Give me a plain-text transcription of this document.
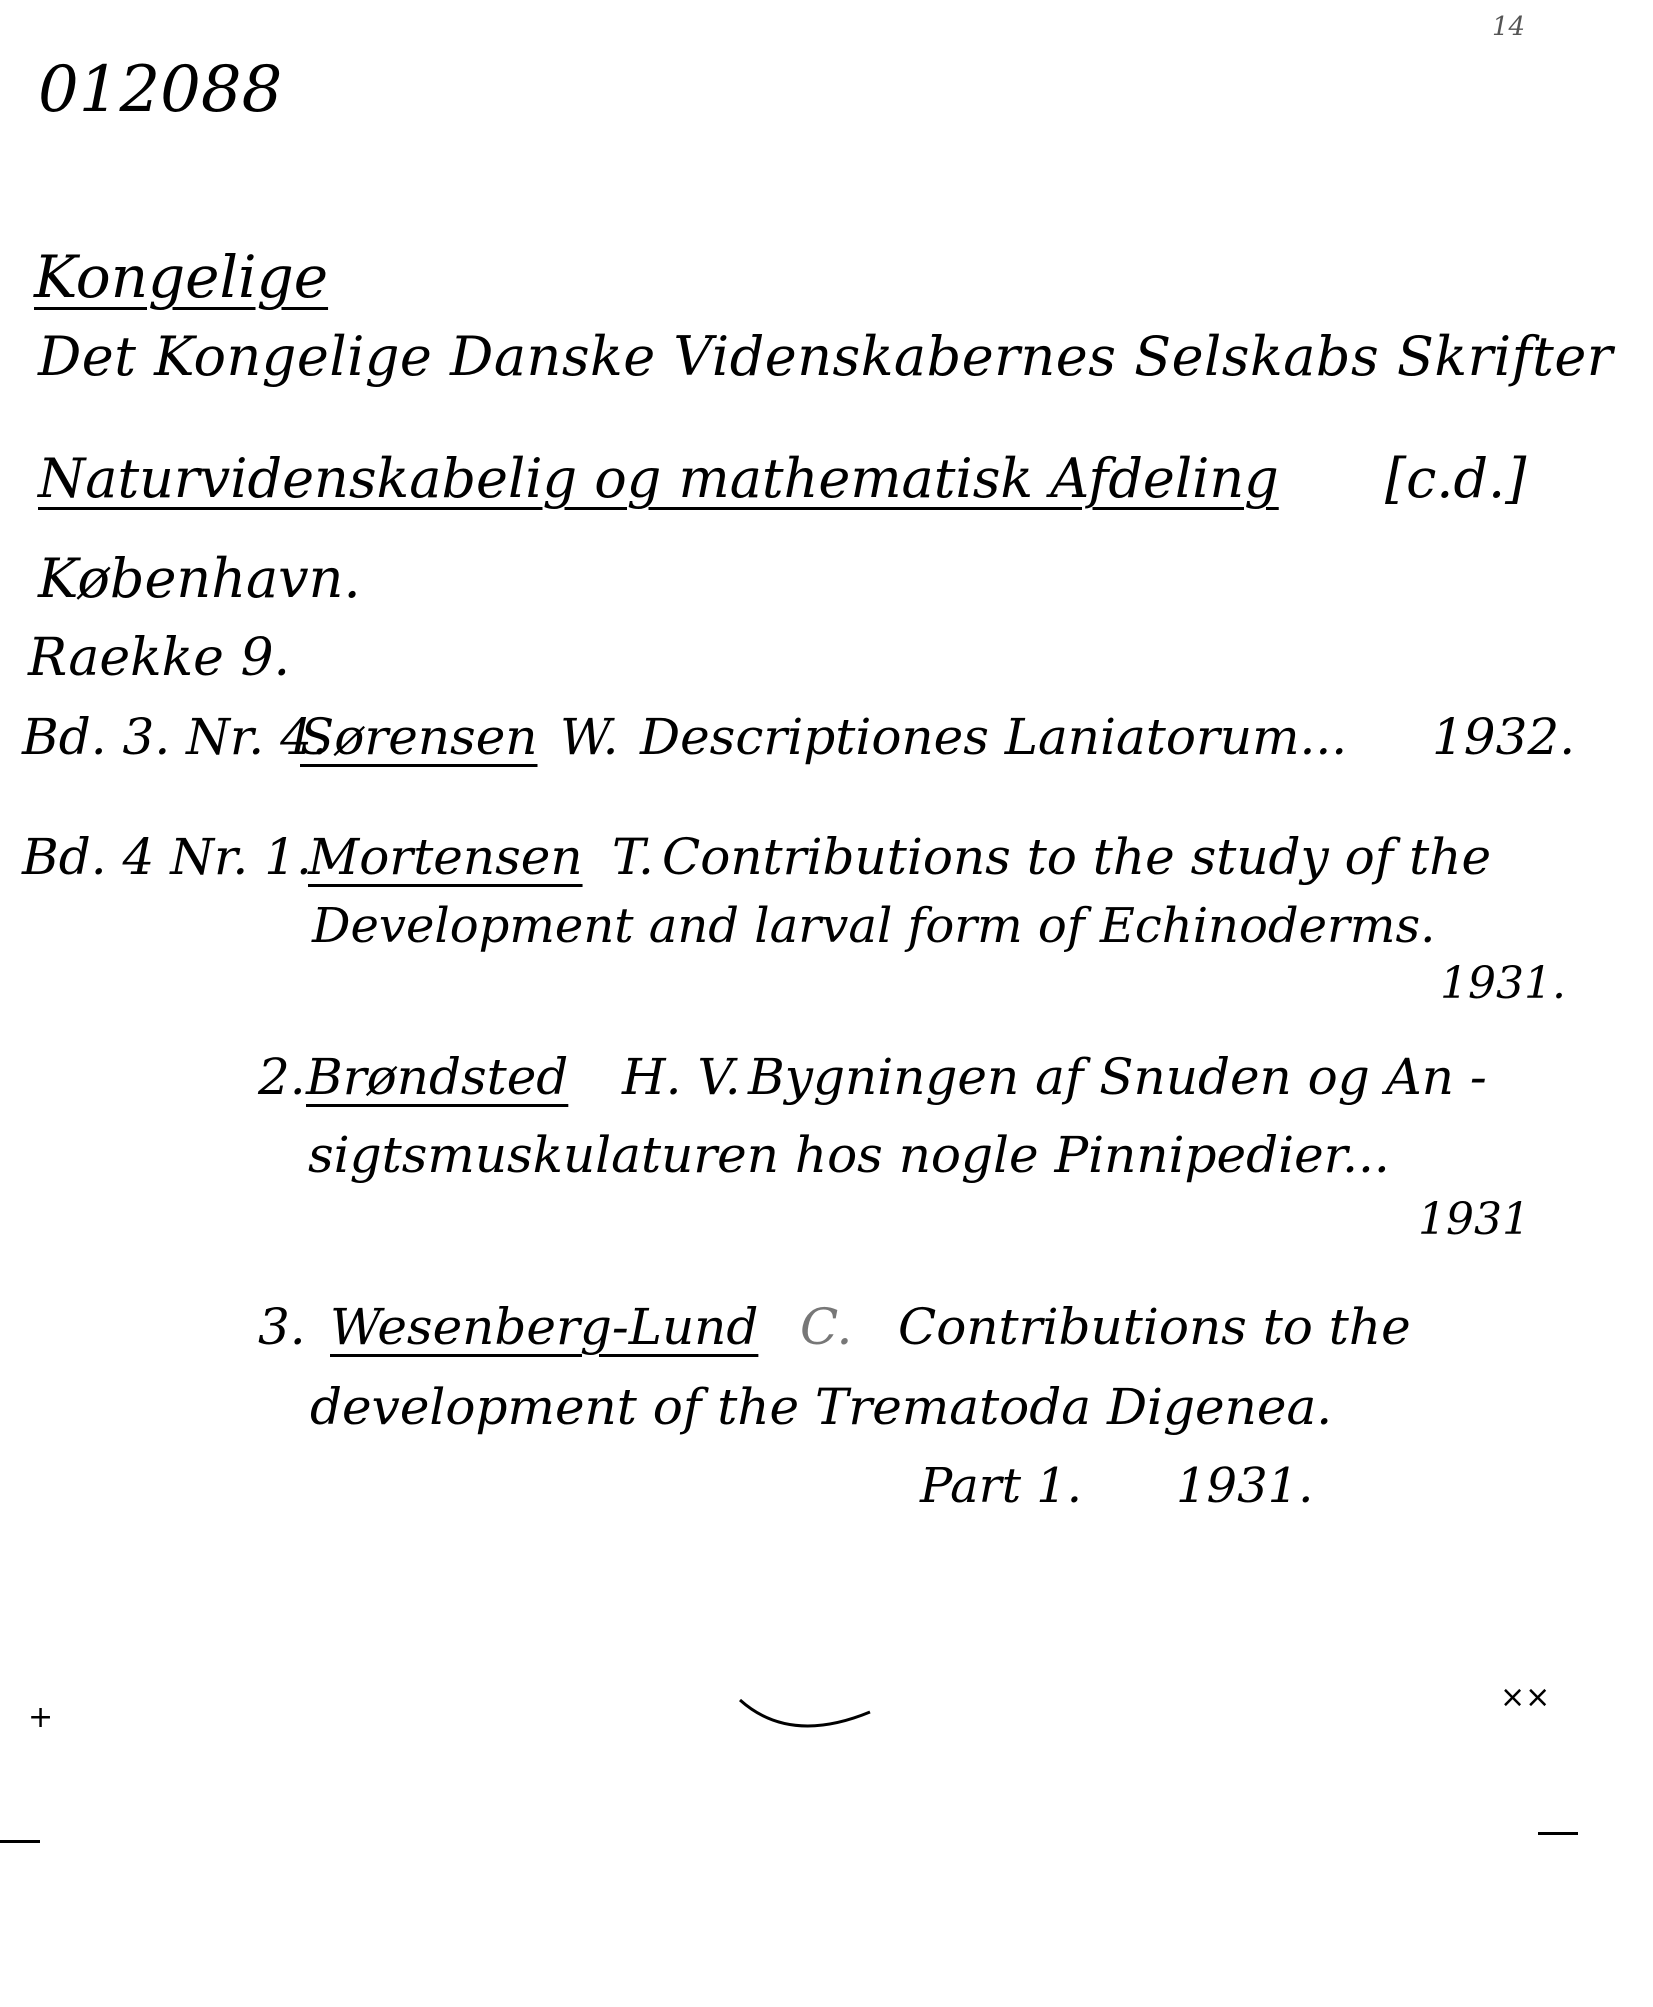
012088
14
Kongelige
Det Kongelige Danske Videnskabernes Selskabs Skrifter
Naturvidenskabelig og mathematisk Afdeling [c.d.]
København.
Raekke 9.
Bd. 3. Nr. 4.
Sørensen W. Descriptiones Laniatorum... 1932.
Bd. 4 Nr. 1.
Mortensen T. Contributions to the study of the
Development and larval form of Echinoderms.
1931.
2. Brøndsted H. V. Bygningen af Snuden og An -
sigtsmuskulaturen hos nogle Pinnipedier...
1931
3. Wesenberg-Lund C. Contributions to the
development of the Trematoda Digenea.
Part 1. 1931.
+
××
